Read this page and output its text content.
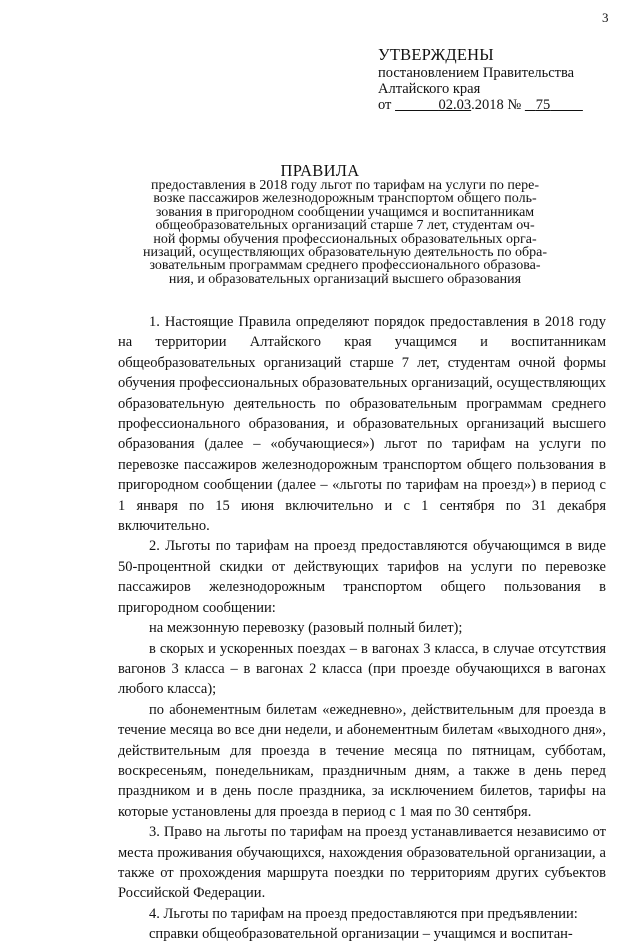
3
УТВЕРЖДЕНЫ
постановлением Правительства
Алтайского края
от	02.03.2018 № 75
ПРАВИЛА
предоставления в 2018 году льгот по тарифам на услуги по пере-
возке пассажиров железнодорожным транспортом общего поль-
зования в пригородном сообщении учащимся и воспитанникам
общеобразовательных организаций старше 7 лет, студентам оч-
ной формы обучения профессиональных образовательных орга-
низаций, осуществляющих образовательную деятельность по обра-
зовательным программам среднего профессионального образова-
ния, и образовательных организаций высшего образования

1. Настоящие Правила определяют порядок предоставления в 2018 году на территории Алтайского края учащимся и воспитанникам общеобразовательных организаций старше 7 лет, студентам очной формы обучения профессиональных образовательных организаций, осуществляющих образовательную деятельность по образовательным программам среднего профессионального образования, и образовательных организаций высшего образования (далее – «обучающиеся») льгот по тарифам на услуги по перевозке пассажиров железнодорожным транспортом общего пользования в пригородном сообщении (далее – «льготы по тарифам на проезд») в период с 1 января по 15 июня включительно и с 1 сентября по 31 декабря включительно.

2. Льготы по тарифам на проезд предоставляются обучающимся в виде 50-процентной скидки от действующих тарифов на услуги по перевозке пассажиров железнодорожным транспортом общего пользования в пригородном сообщении:

на межзонную перевозку (разовый полный билет);

в скорых и ускоренных поездах – в вагонах 3 класса, в случае отсутствия вагонов 3 класса – в вагонах 2 класса (при проезде обучающихся в вагонах любого класса);

по абонементным билетам «ежедневно», действительным для проезда в течение месяца во все дни недели, и абонементным билетам «выходного дня», действительным для проезда в течение месяца по пятницам, субботам, воскресеньям, понедельникам, праздничным дням, а также в день перед праздником и в день после праздника, за исключением билетов, тарифы на которые установлены для проезда в период с 1 мая по 30 сентября.

3. Право на льготы по тарифам на проезд устанавливается независимо от места проживания обучающихся, нахождения образовательной организации, а также от прохождения маршрута поездки по территориям других субъектов Российской Федерации.

4. Льготы по тарифам на проезд предоставляются при предъявлении:

справки общеобразовательной организации – учащимся и воспитан-
